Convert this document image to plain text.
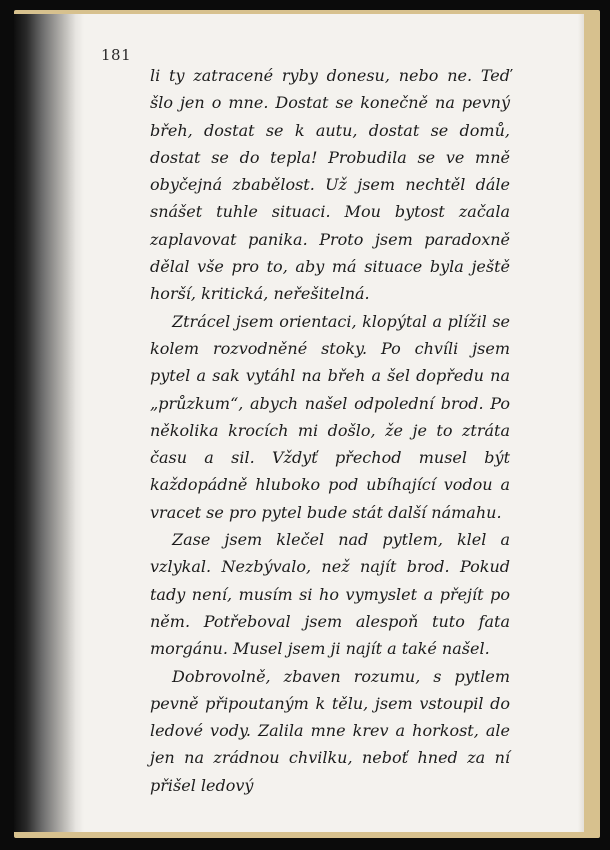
181

li ty zatracené ryby donesu, nebo ne. Teď šlo jen o mne. Dostat se konečně na pevný břeh, dostat se k autu, dostat se domů, dostat se do tepla! Probudila se ve mně obyčejná zbabělost. Už jsem nechtěl dále snášet tuhle situaci. Mou bytost začala zaplavovat panika. Proto jsem paradoxně dělal vše pro to, aby má situace byla ještě horší, kritická, neřešitelná.

Ztrácel jsem orientaci, klopýtal a plížil se kolem rozvodněné stoky. Po chvíli jsem pytel a sak vytáhl na břeh a šel dopředu na „průzkum“, abych našel odpolední brod. Po několika krocích mi došlo, že je to ztráta času a sil. Vždyť přechod musel být každopádně hluboko pod ubíhající vodou a vracet se pro pytel bude stát další námahu.

Zase jsem klečel nad pytlem, klel a vzlykal. Nezbývalo, než najít brod. Pokud tady není, musím si ho vymyslet a přejít po něm. Potřeboval jsem alespoň tuto fata morgánu. Musel jsem ji najít a také našel.

Dobrovolně, zbaven rozumu, s pytlem pevně připoutaným k tělu, jsem vstoupil do ledové vody. Zalila mne krev a horkost, ale jen na zrádnou chvilku, neboť hned za ní přišel ledový
